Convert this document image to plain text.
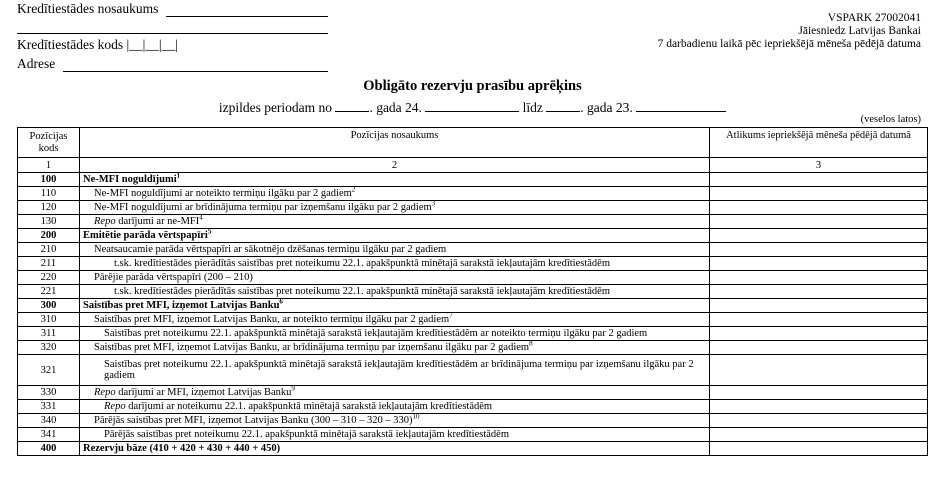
Kredītiestādes nosaukums
Kredītiestādes kods |__|__|__|
Adrese
VSPARK 27002041
Jāiesniedz Latvijas Bankai
7 darbadienu laikā pēc iepriekšējā mēneša pēdējā datuma
Obligāto rezervju prasību aprēķins
izpildes periodam no	. gada 24.	līdz	. gada 23.
(veselos latos)
Pozīcijas kods	Pozīcijas nosaukums	Atlikums iepriekšējā mēneša pēdējā datumā
1	2	3
100	Ne-MFI noguldījumi$^1$	
110	Ne-MFI noguldījumi ar noteikto termiņu ilgāku par 2 gadiem$^2$	
120	Ne-MFI noguldījumi ar brīdinājuma termiņu par izņemšanu ilgāku par 2 gadiem$^3$	
130	Repo darījumi ar ne-MFI$^4$	
200	Emitētie parāda vērtspapīri$^5$	
210	Neatsaucamie parāda vērtspapīri ar sākotnējo dzēšanas termiņu ilgāku par 2 gadiem	
211	t.sk. kredītiestādes pierādītās saistības pret noteikumu 22.1. apakšpunktā minētajā sarakstā iekļautajām kredītiestādēm	
220	Pārējie parāda vērtspapīri (200 – 210)	
221	t.sk. kredītiestādes pierādītās saistības pret noteikumu 22.1. apakšpunktā minētajā sarakstā iekļautajām kredītiestādēm	
300	Saistības pret MFI, izņemot Latvijas Banku$^6$	
310	Saistības pret MFI, izņemot Latvijas Banku, ar noteikto termiņu ilgāku par 2 gadiem$^7$	
311	Saistības pret noteikumu 22.1. apakšpunktā minētajā sarakstā iekļautajām kredītiestādēm ar noteikto termiņu ilgāku par 2 gadiem	
320	Saistības pret MFI, izņemot Latvijas Banku, ar brīdinājuma termiņu par izņemšanu ilgāku par 2 gadiem$^8$	
321	Saistības pret noteikumu 22.1. apakšpunktā minētajā sarakstā iekļautajām kredītiestādēm ar brīdinājuma termiņu par izņemšanu ilgāku par 2 gadiem	
330	Repo darījumi ar MFI, izņemot Latvijas Banku$^9$	
331	Repo darījumi ar noteikumu 22.1. apakšpunktā minētajā sarakstā iekļautajām kredītiestādēm	
340	Pārējās saistības pret MFI, izņemot Latvijas Banku (300 – 310 – 320 – 330)$^{10}$	
341	Pārējās saistības pret noteikumu 22.1. apakšpunktā minētajā sarakstā iekļautajām kredītiestādēm	
400	Rezervju bāze (410 + 420 + 430 + 440 + 450)	
